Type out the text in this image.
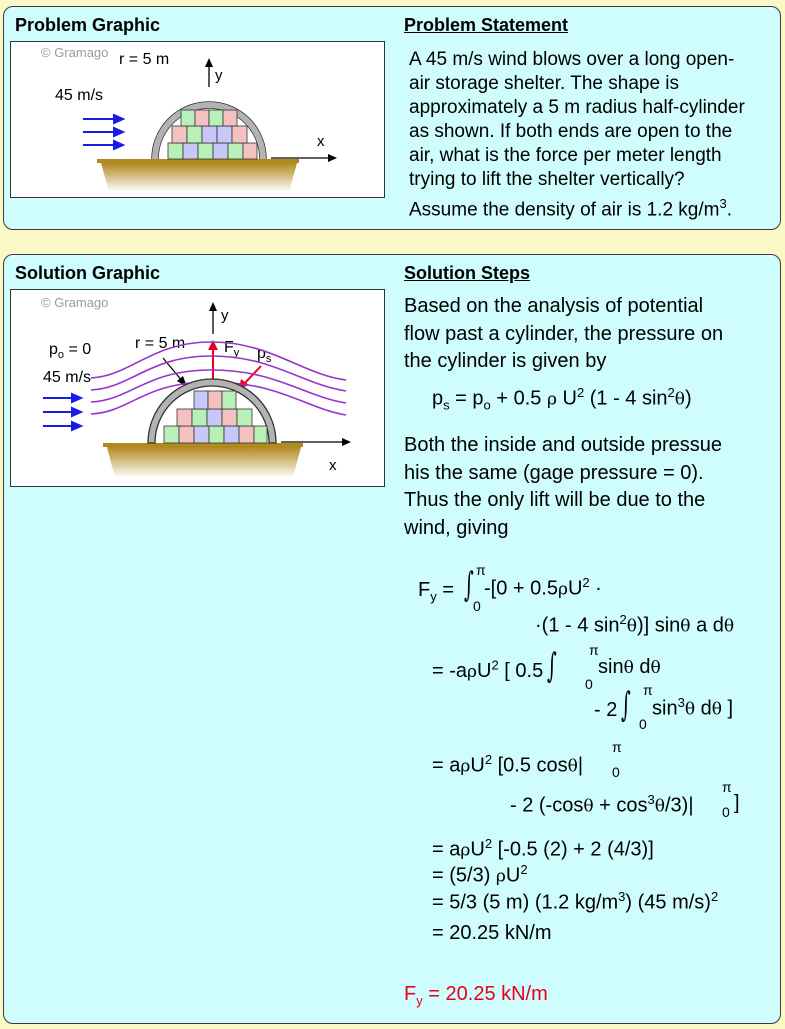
Problem Graphic	Problem Statement
© Gramago r = 5 m
45 m/s
y
x
A 45 m/s wind blows over a long open-
air storage shelter. The shape is
approximately a 5 m radius half-cylinder
as shown. If both ends are open to the
air, what is the force per meter length
trying to lift the shelter vertically?
Assume the density of air is 1.2 $kg/m^3$.
Solution Graphic	Solution Steps
© Gramago
$p_o = 0$	r = 5 m
45 m/s
y
$F_y$ $p_s$
x
Based on the analysis of potential
flow past a cylinder, the pressure on
the cylinder is given by
$p_s = p_o + 0.5$ ρ $U^2$ (1 - 4 $\sin^2\theta$)
Both the inside and outside pressue
his the same (gage pressure = 0).
Thus the only lift will be due to the
wind, giving
$F_y$ = ∫ π
0
$-[0 + 0.5\rho U^2$ ·
·(1 - 4 $\sin^2\theta$)] sinθ a dθ
= -aρU$^2$ [ 0.5 ∫ π
0
sinθ dθ
- 2 ∫ π
0
$\sin^3\theta$ dθ ]
= aρU$^2$ [0.5 cosθ|
π
0
- 2 $(-\cos\theta + \cos^3\theta/3)|$
π
0 ]
= aρU$^2$ [-0.5 (2) + 2 (4/3)]
= (5/3) $\rho U^2$
= 5/3 (5 m) (1.2 $kg/m^3$) (45 m/s)$^2$
= 20.25 kN/m
$F_y = 20.25$ kN/m
